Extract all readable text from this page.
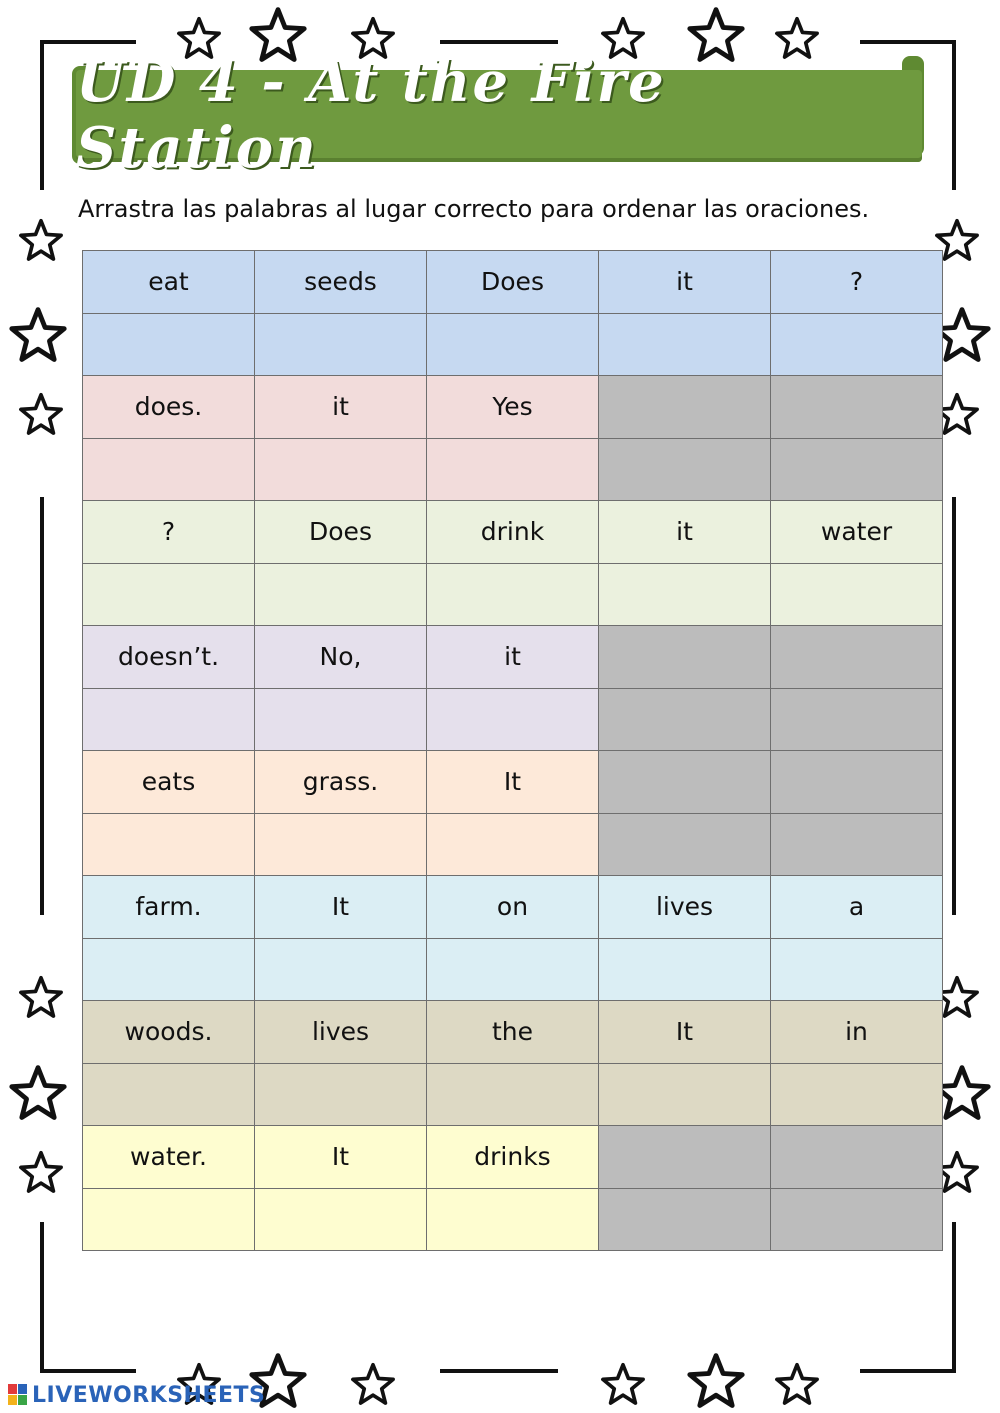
UD 4 - At the Fire Station
Arrastra las palabras al lugar correcto para ordenar las oraciones.
eat	seeds	Does	it	?

does.	it	Yes		

?	Does	drink	it	water

doesn’t.	No,	it		

eats	grass.	It		

farm.	It	on	lives	a

woods.	lives	the	It	in

water.	It	drinks		

LIVEWORKSHEETS
